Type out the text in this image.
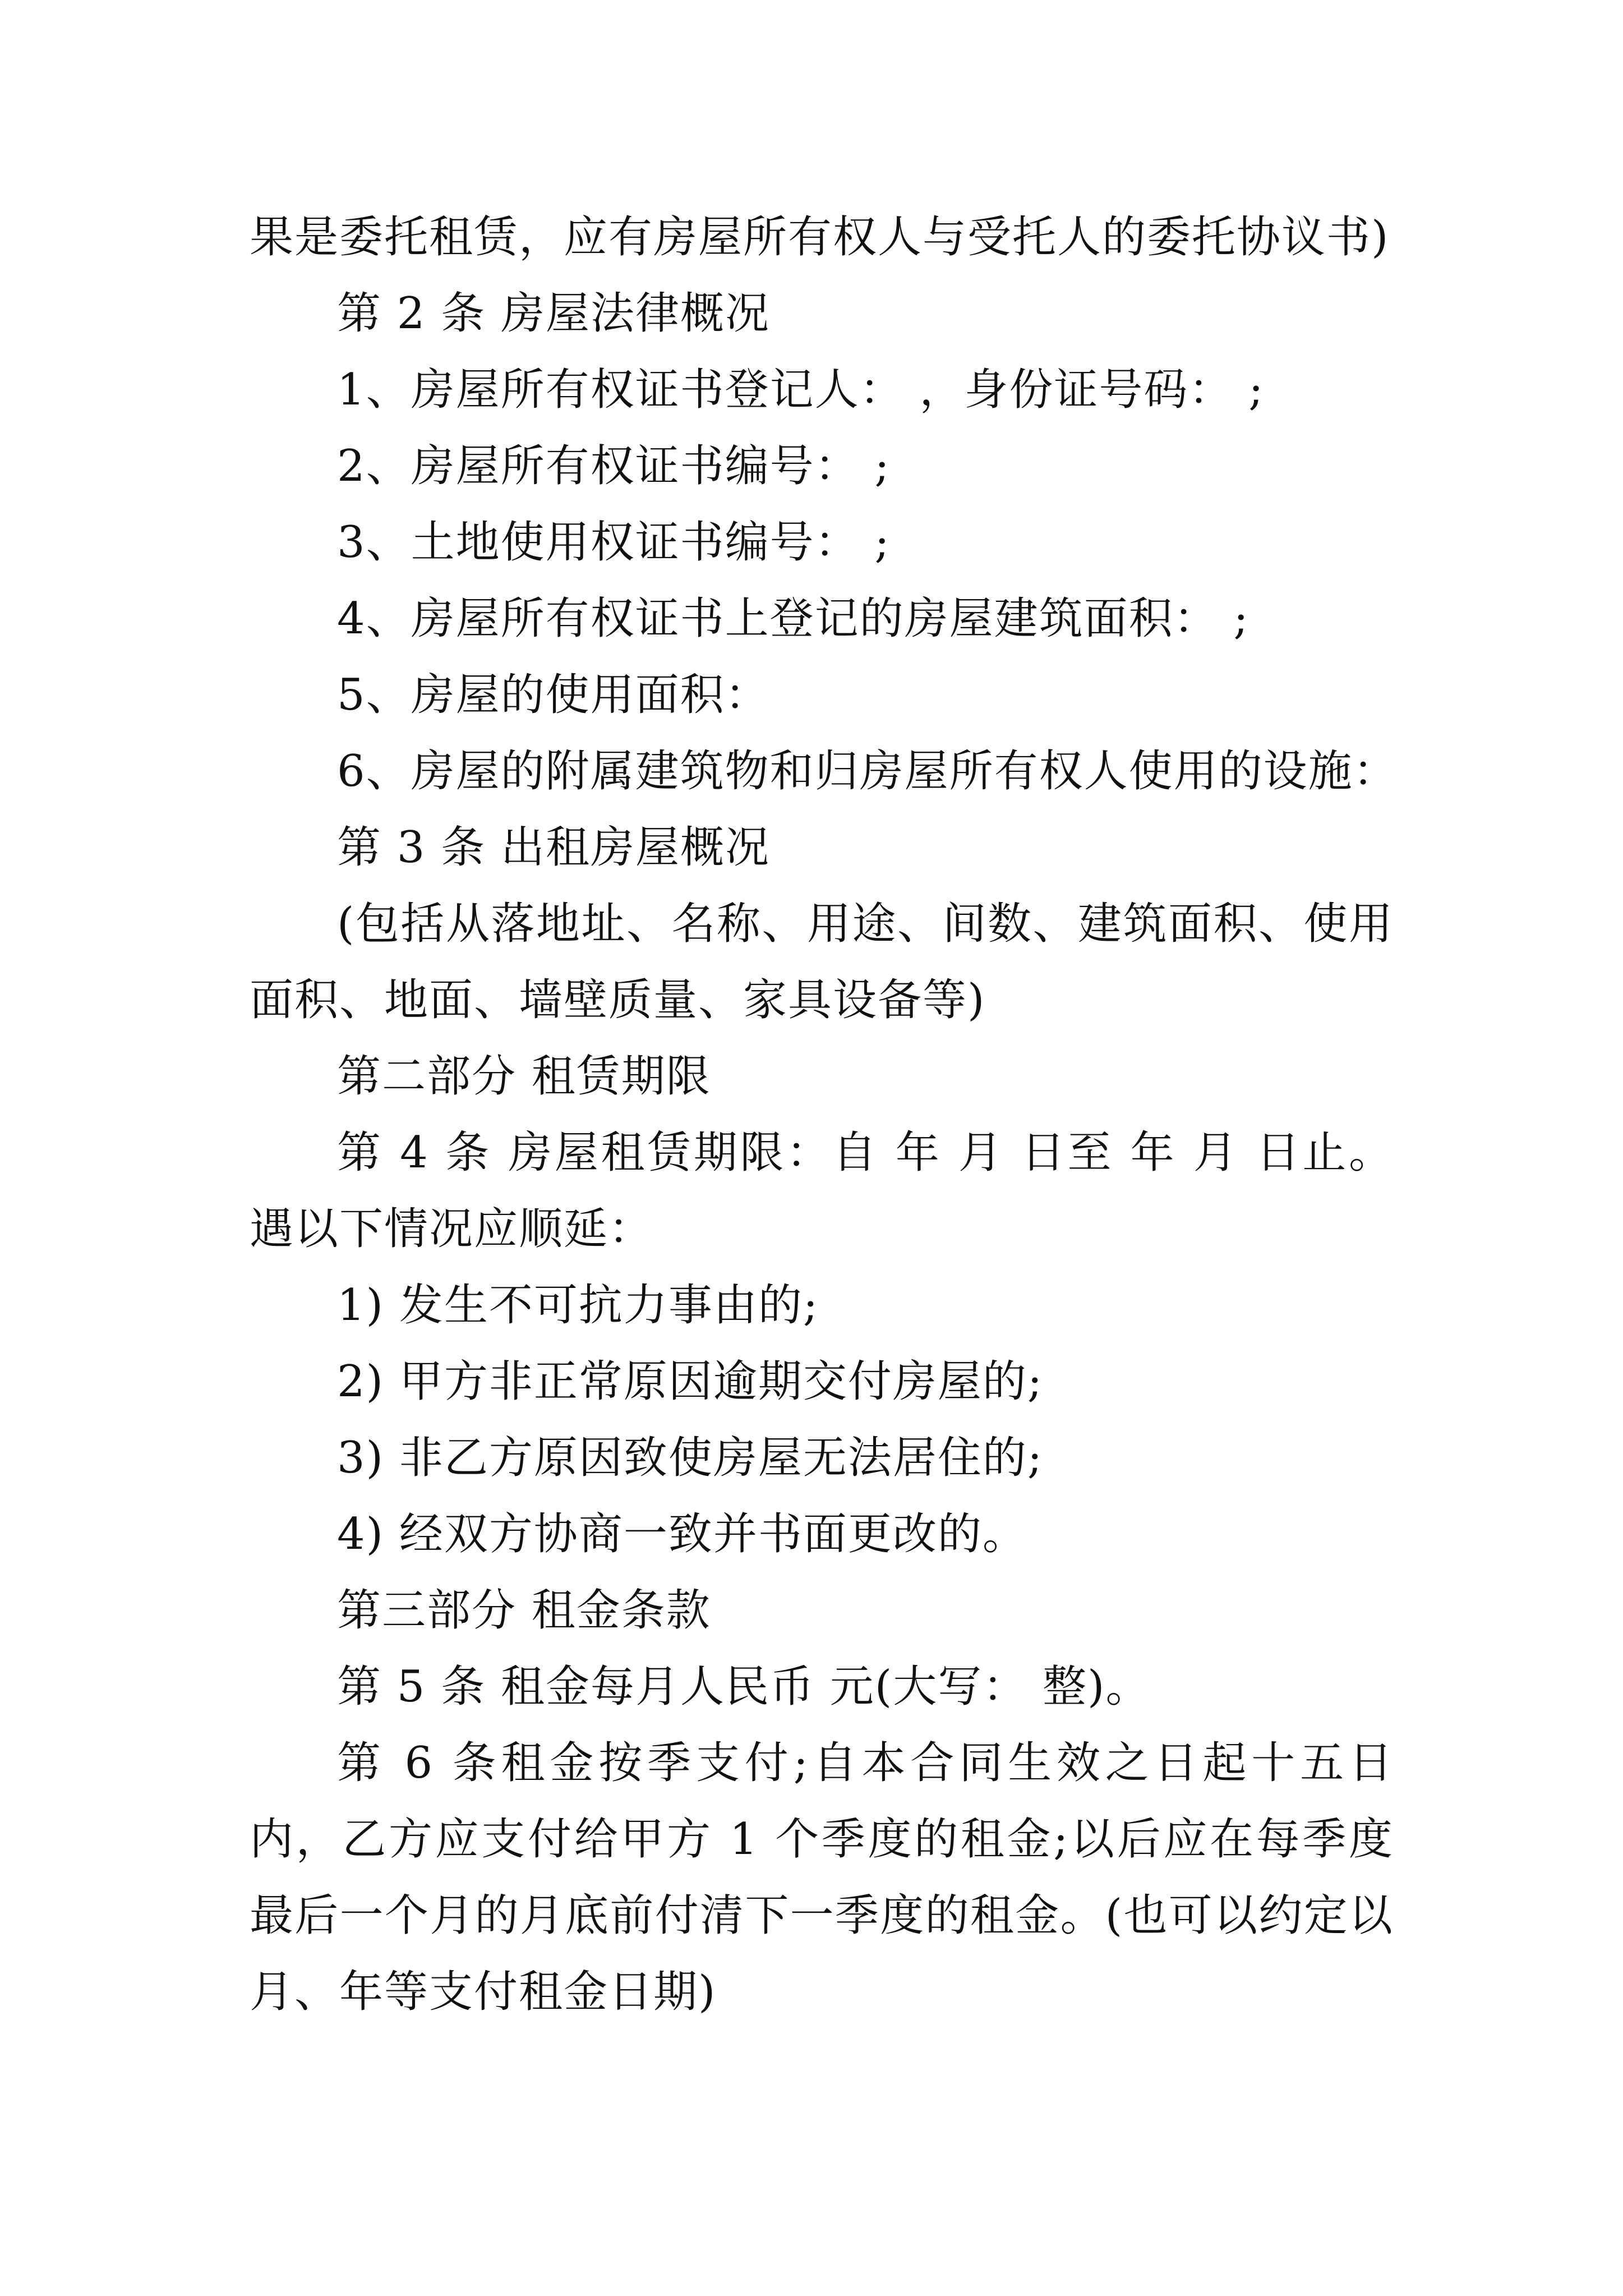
果是委托租赁，应有房屋所有权人与受托人的委托协议书)

第 2 条 房屋法律概况

1、房屋所有权证书登记人： ，身份证号码： ;

2、房屋所有权证书编号： ;

3、土地使用权证书编号： ;

4、房屋所有权证书上登记的房屋建筑面积： ;

5、房屋的使用面积：

6、房屋的附属建筑物和归房屋所有权人使用的设施：

第 3 条 出租房屋概况

(包括从落地址、名称、用途、间数、建筑面积、使用面积、地面、墙壁质量、家具设备等)

第二部分 租赁期限

第 4 条 房屋租赁期限：自 年 月 日至 年 月 日止。遇以下情况应顺延：

1) 发生不可抗力事由的;

2) 甲方非正常原因逾期交付房屋的;

3) 非乙方原因致使房屋无法居住的;

4) 经双方协商一致并书面更改的。

第三部分 租金条款

第 5 条 租金每月人民币 元(大写： 整)。

第 6 条租金按季支付;自本合同生效之日起十五日内，乙方应支付给甲方 1 个季度的租金;以后应在每季度最后一个月的月底前付清下一季度的租金。(也可以约定以月、年等支付租金日期)
